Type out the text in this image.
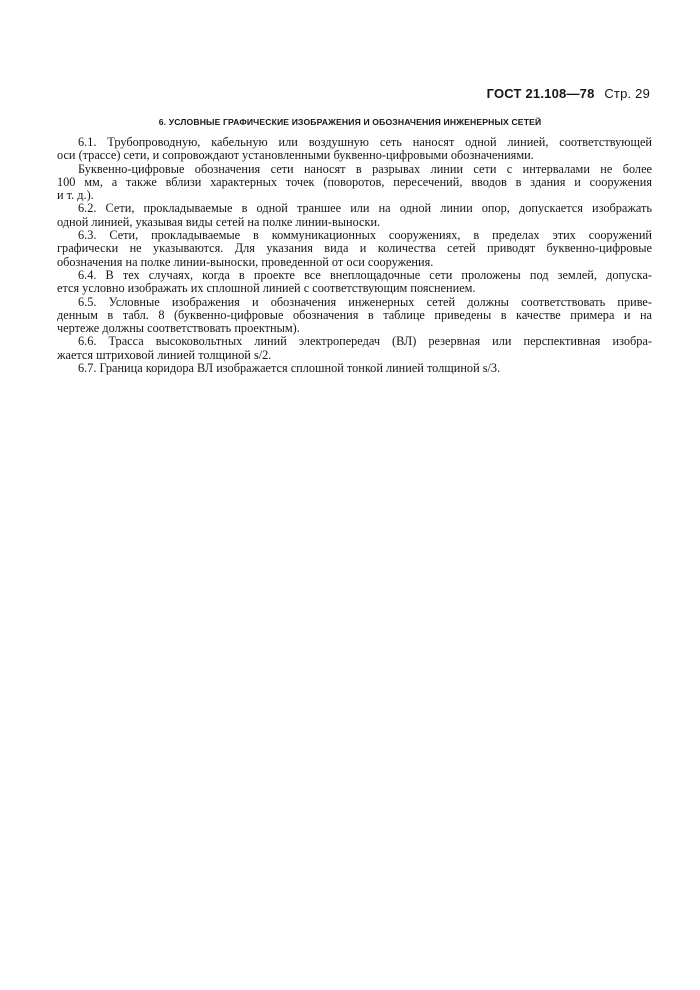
ГОСТ 21.108—78 Стр. 29
6. УСЛОВНЫЕ ГРАФИЧЕСКИЕ ИЗОБРАЖЕНИЯ И ОБОЗНАЧЕНИЯ ИНЖЕНЕРНЫХ СЕТЕЙ
6.1. Трубопроводную, кабельную или воздушную сеть наносят одной линией, соответствующей
оси (трассе) сети, и сопровождают установленными буквенно-цифровыми обозначениями.
Буквенно-цифровые обозначения сети наносят в разрывах линии сети с интервалами не более
100 мм, а также вблизи характерных точек (поворотов, пересечений, вводов в здания и сооружения
и т. д.).
6.2. Сети, прокладываемые в одной траншее или на одной линии опор, допускается изображать
одной линией, указывая виды сетей на полке линии-выноски.
6.3. Сети, прокладываемые в коммуникационных сооружениях, в пределах этих сооружений
графически не указываются. Для указания вида и количества сетей приводят буквенно-цифровые
обозначения на полке линии-выноски, проведенной от оси сооружения.
6.4. В тех случаях, когда в проекте все внеплощадочные сети проложены под землей, допуска-
ется условно изображать их сплошной линией с соответствующим пояснением.
6.5. Условные изображения и обозначения инженерных сетей должны соответствовать приве-
денным в табл. 8 (буквенно-цифровые обозначения в таблице приведены в качестве примера и на
чертеже должны соответствовать проектным).
6.6. Трасса высоковольтных линий электропередач (ВЛ) резервная или перспективная изобра-
жается штриховой линией толщиной s/2.
6.7. Граница коридора ВЛ изображается сплошной тонкой линией толщиной s/3.
